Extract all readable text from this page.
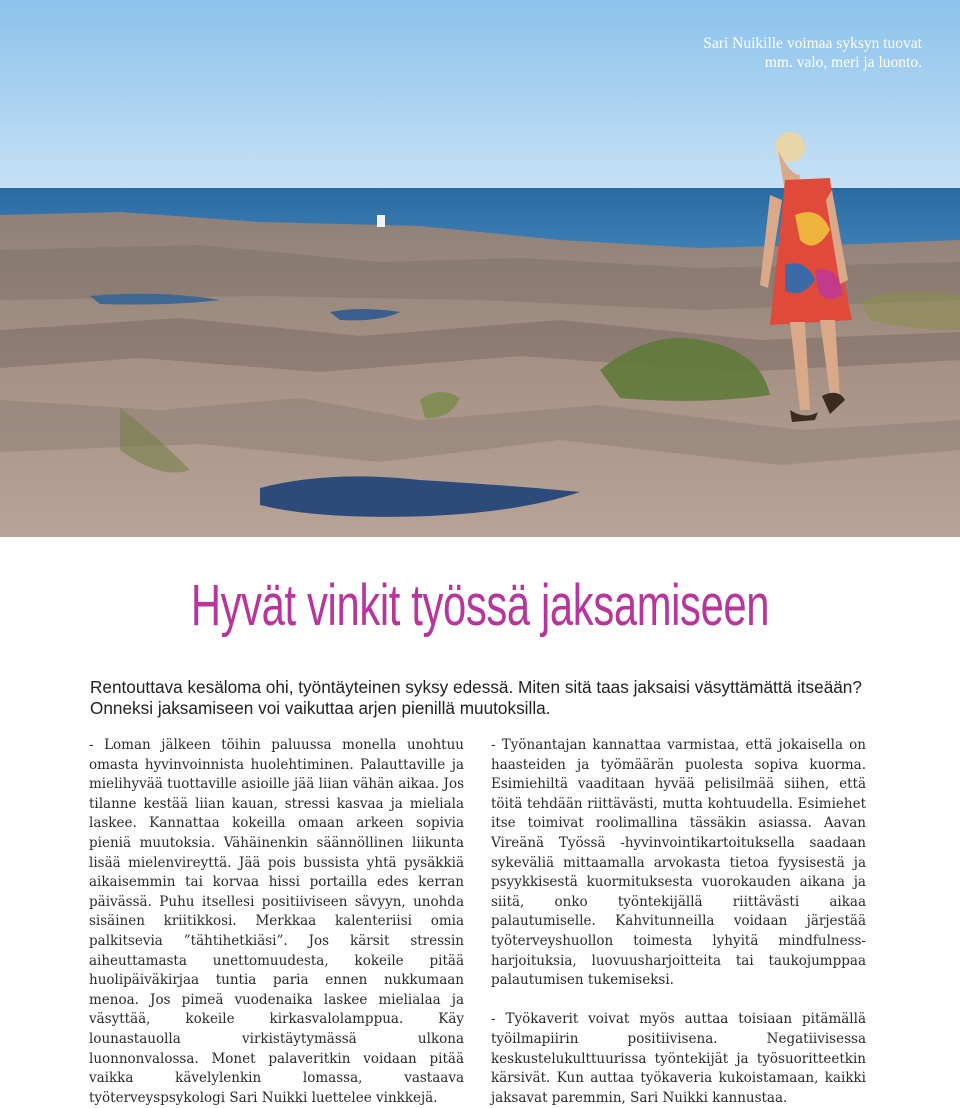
Sari Nuikille voimaa syksyn tuovat
mm. valo, meri ja luonto.
Hyvät vinkit työssä jaksamiseen

Rentouttava kesäloma ohi, työntäyteinen syksy edessä. Miten sitä taas jaksaisi väsyttämättä itseään? Onneksi jaksamiseen voi vaikuttaa arjen pienillä muutoksilla.

- Loman jälkeen töihin paluussa monella unohtuu omasta hyvinvoinnista huolehtiminen. Palauttaville ja mielihyvää tuottaville asioille jää liian vähän aikaa. Jos tilanne kestää liian kauan, stressi kasvaa ja mieliala laskee. Kannattaa kokeilla omaan arkeen sopivia pieniä muutoksia. Vähäinenkin säännöllinen liikunta lisää mielenvireyttä. Jää pois bussista yhtä pysäkkiä aikaisemmin tai korvaa hissi portailla edes kerran päivässä. Puhu itsellesi positiiviseen sävyyn, unohda sisäinen kriitikkosi. Merkkaa kalenteriisi omia palkitsevia ”tähtihetkiäsi”. Jos kärsit stressin aiheuttamasta unettomuudesta, kokeile pitää huolipäiväkirjaa tuntia paria ennen nukkumaan menoa. Jos pimeä vuodenaika laskee mielialaa ja väsyttää, kokeile kirkasvalolamppua. Käy lounastauolla virkistäytymässä ulkona luonnonvalossa. Monet palaveritkin voidaan pitää vaikka kävelylenkin lomassa, vastaava työterveyspsykologi Sari Nuikki luettelee vinkkejä.

- Työnantajan kannattaa varmistaa, että jokaisella on haasteiden ja työmäärän puolesta sopiva kuorma. Esimiehiltä vaaditaan hyvää pelisilmää siihen, että töitä tehdään riittävästi, mutta kohtuudella. Esimiehet itse toimivat roolimallina tässäkin asiassa. Aavan Vireänä Työssä -hyvinvointikartoituksella saadaan sykeväliä mittaamalla arvokasta tietoa fyysisestä ja psyykkisestä kuormituksesta vuorokauden aikana ja siitä, onko työntekijällä riittävästi aikaa palautumiselle. Kahvitunneilla voidaan järjestää työterveyshuollon toimesta lyhyitä mindfulness-harjoituksia, luovuusharjoitteita tai taukojumppaa palautumisen tukemiseksi.

- Työkaverit voivat myös auttaa toisiaan pitämällä työilmapiirin positiivisena. Negatiivisessa keskustelukulttuurissa työntekijät ja työsuoritteetkin kärsivät. Kun auttaa työkaveria kukoistamaan, kaikki jaksavat paremmin, Sari Nuikki kannustaa.
